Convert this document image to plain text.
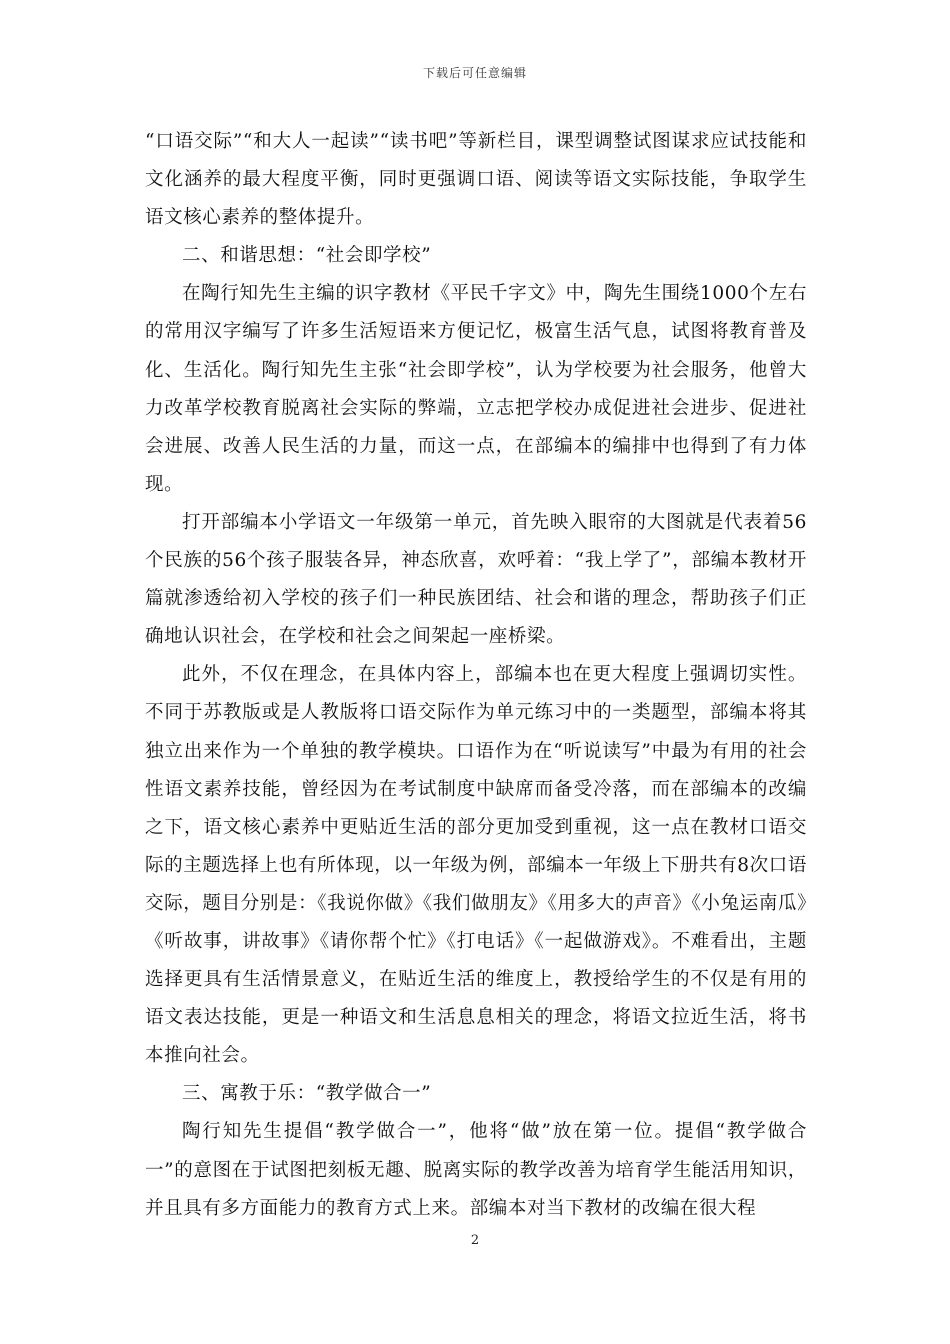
下载后可任意编辑

“口语交际”“和大人一起读”“读书吧”等新栏目，课型调整试图谋求应试技能和文化涵养的最大程度平衡，同时更强调口语、阅读等语文实际技能，争取学生语文核心素养的整体提升。

二、和谐思想：“社会即学校”

在陶行知先生主编的识字教材《平民千字文》中，陶先生围绕1000个左右的常用汉字编写了许多生活短语来方便记忆，极富生活气息，试图将教育普及化、生活化。陶行知先生主张“社会即学校”，认为学校要为社会服务，他曾大力改革学校教育脱离社会实际的弊端，立志把学校办成促进社会进步、促进社会进展、改善人民生活的力量，而这一点，在部编本的编排中也得到了有力体现。

打开部编本小学语文一年级第一单元，首先映入眼帘的大图就是代表着56个民族的56个孩子服装各异，神态欣喜，欢呼着：“我上学了”，部编本教材开篇就渗透给初入学校的孩子们一种民族团结、社会和谐的理念，帮助孩子们正确地认识社会，在学校和社会之间架起一座桥梁。

此外，不仅在理念，在具体内容上，部编本也在更大程度上强调切实性。不同于苏教版或是人教版将口语交际作为单元练习中的一类题型，部编本将其独立出来作为一个单独的教学模块。口语作为在“听说读写”中最为有用的社会性语文素养技能，曾经因为在考试制度中缺席而备受冷落，而在部编本的改编之下，语文核心素养中更贴近生活的部分更加受到重视，这一点在教材口语交际的主题选择上也有所体现，以一年级为例，部编本一年级上下册共有8次口语交际，题目分别是：《我说你做》《我们做朋友》《用多大的声音》《小兔运南瓜》《听故事，讲故事》《请你帮个忙》《打电话》《一起做游戏》。不难看出，主题选择更具有生活情景意义，在贴近生活的维度上，教授给学生的不仅是有用的语文表达技能，更是一种语文和生活息息相关的理念，将语文拉近生活，将书本推向社会。

三、寓教于乐：“教学做合一”

陶行知先生提倡“教学做合一”，他将“做”放在第一位。提倡“教学做合一”的意图在于试图把刻板无趣、脱离实际的教学改善为培育学生能活用知识，并且具有多方面能力的教育方式上来。部编本对当下教材的改编在很大程

2
